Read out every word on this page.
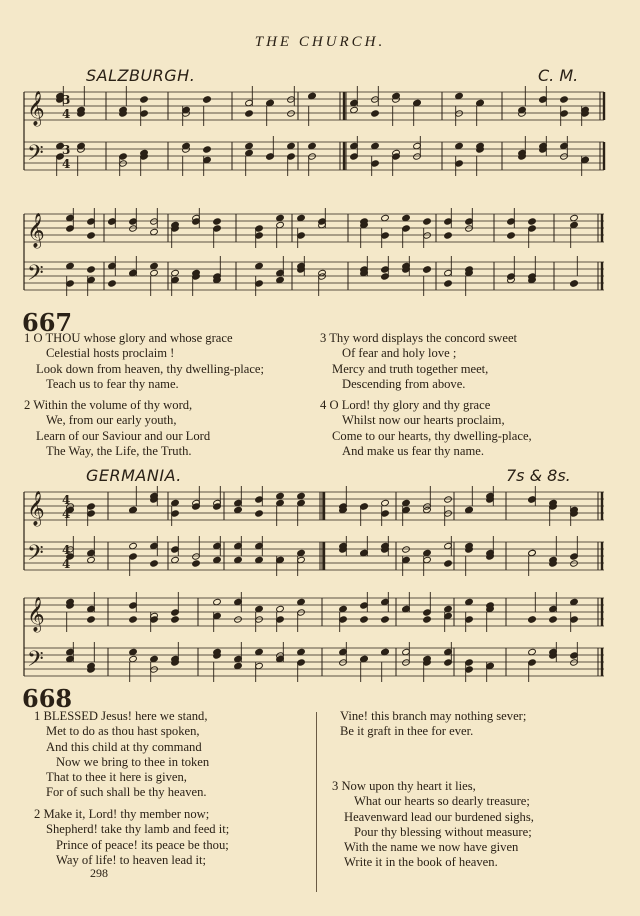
THE CHURCH.
SALZBURGH.	C. M.
GERMANIA.	7s & 8s.
𝄞
𝄢
𝄞
𝄢
𝄞
𝄢
𝄞
𝄢
3
4
3
4
4
4
4
4
667
1 O THOU whose glory and whose grace
Celestial hosts proclaim !
Look down from heaven, thy dwelling-place;
Teach us to fear thy name.
2 Within the volume of thy word,
We, from our early youth,
Learn of our Saviour and our Lord
The Way, the Life, the Truth.
3 Thy word displays the concord sweet
Of fear and holy love ;
Mercy and truth together meet,
Descending from above.
4 O Lord! thy glory and thy grace
Whilst now our hearts proclaim,
Come to our hearts, thy dwelling-place,
And make us fear thy name.
668
1 BLESSED Jesus! here we stand,
Met to do as thou hast spoken,
And this child at thy command
Now we bring to thee in token
That to thee it here is given,
For of such shall be thy heaven.
2 Make it, Lord! thy member now;
Shepherd! take thy lamb and feed it;
Prince of peace! its peace be thou;
Way of life! to heaven lead it;
Vine! this branch may nothing sever;
Be it graft in thee for ever.
3 Now upon thy heart it lies,
What our hearts so dearly treasure;
Heavenward lead our burdened sighs,
Pour thy blessing without measure;
With the name we now have given
Write it in the book of heaven.
298
